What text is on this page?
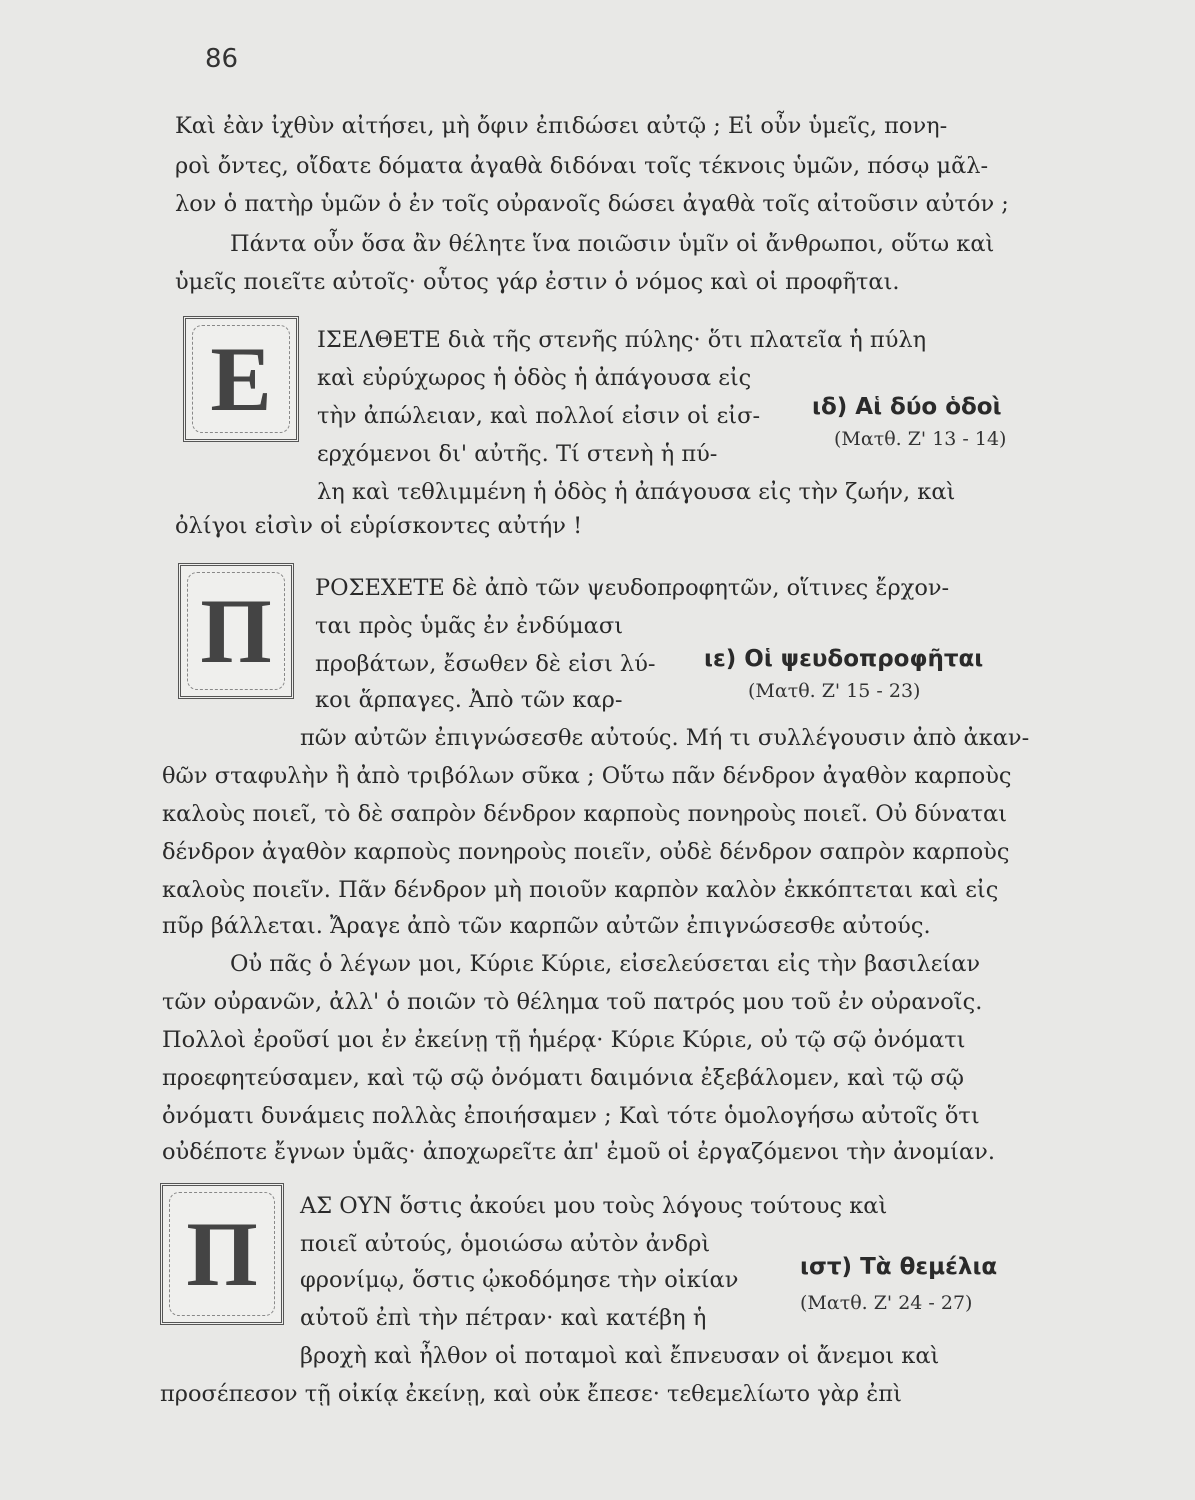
86
Καὶ ἐὰν ἰχθὺν αἰτήσει, μὴ ὄφιν ἐπιδώσει αὐτῷ ; Εἰ οὖν ὑμεῖς, πονη-
ροὶ ὄντες, οἴδατε δόματα ἀγαθὰ διδόναι τοῖς τέκνοις ὑμῶν, πόσῳ μᾶλ-
λον ὁ πατὴρ ὑμῶν ὁ ἐν τοῖς οὐρανοῖς δώσει ἀγαθὰ τοῖς αἰτοῦσιν αὐτόν ;
Πάντα οὖν ὅσα ἂν θέλητε ἵνα ποιῶσιν ὑμῖν οἱ ἄνθρωποι, οὕτω καὶ
ὑμεῖς ποιεῖτε αὐτοῖς· οὗτος γάρ ἐστιν ὁ νόμος καὶ οἱ προφῆται.
Ε ΙΣΕΛΘΕΤΕ διὰ τῆς στενῆς πύλης· ὅτι πλατεῖα ἡ πύλη
καὶ εὐρύχωρος ἡ ὁδὸς ἡ ἀπάγουσα εἰς
τὴν ἀπώλειαν, καὶ πολλοί εἰσιν οἱ εἰσ-
ερχόμενοι δι' αὐτῆς. Τί στενὴ ἡ πύ-
λη καὶ τεθλιμμένη ἡ ὁδὸς ἡ ἀπάγουσα εἰς τὴν ζωήν, καὶ
ὀλίγοι εἰσὶν οἱ εὑρίσκοντες αὐτήν !
ιδ) Αἱ δύο ὁδοὶ
(Ματθ. Ζ' 13 - 14)
Π ΡΟΣΕΧΕΤΕ δὲ ἀπὸ τῶν ψευδοπροφητῶν, οἵτινες ἔρχον-
ται πρὸς ὑμᾶς ἐν ἐνδύμασι
προβάτων, ἔσωθεν δὲ εἰσι λύ-
κοι ἅρπαγες. Ἀπὸ τῶν καρ-
πῶν αὐτῶν ἐπιγνώσεσθε αὐτούς. Μή τι συλλέγουσιν ἀπὸ ἀκαν-
θῶν σταφυλὴν ἢ ἀπὸ τριβόλων σῦκα ; Οὕτω πᾶν δένδρον ἀγαθὸν καρποὺς
καλοὺς ποιεῖ, τὸ δὲ σαπρὸν δένδρον καρποὺς πονηροὺς ποιεῖ. Οὐ δύναται
δένδρον ἀγαθὸν καρποὺς πονηροὺς ποιεῖν, οὐδὲ δένδρον σαπρὸν καρποὺς
καλοὺς ποιεῖν. Πᾶν δένδρον μὴ ποιοῦν καρπὸν καλὸν ἐκκόπτεται καὶ εἰς
πῦρ βάλλεται. Ἄραγε ἀπὸ τῶν καρπῶν αὐτῶν ἐπιγνώσεσθε αὐτούς.
Οὐ πᾶς ὁ λέγων μοι, Κύριε Κύριε, εἰσελεύσεται εἰς τὴν βασιλείαν
τῶν οὐρανῶν, ἀλλ' ὁ ποιῶν τὸ θέλημα τοῦ πατρός μου τοῦ ἐν οὐρανοῖς.
Πολλοὶ ἐροῦσί μοι ἐν ἐκείνῃ τῇ ἡμέρᾳ· Κύριε Κύριε, οὐ τῷ σῷ ὀνόματι
προεφητεύσαμεν, καὶ τῷ σῷ ὀνόματι δαιμόνια ἐξεβάλομεν, καὶ τῷ σῷ
ὀνόματι δυνάμεις πολλὰς ἐποιήσαμεν ; Καὶ τότε ὁμολογήσω αὐτοῖς ὅτι
οὐδέποτε ἔγνων ὑμᾶς· ἀποχωρεῖτε ἀπ' ἐμοῦ οἱ ἐργαζόμενοι τὴν ἀνομίαν.
ιε) Οἱ ψευδοπροφῆται
(Ματθ. Ζ' 15 - 23)
Π ΑΣ ΟΥΝ ὅστις ἀκούει μου τοὺς λόγους τούτους καὶ
ποιεῖ αὐτούς, ὁμοιώσω αὐτὸν ἀνδρὶ
φρονίμῳ, ὅστις ᾠκοδόμησε τὴν οἰκίαν
αὐτοῦ ἐπὶ τὴν πέτραν· καὶ κατέβη ἡ
βροχὴ καὶ ἦλθον οἱ ποταμοὶ καὶ ἔπνευσαν οἱ ἄνεμοι καὶ
προσέπεσον τῇ οἰκίᾳ ἐκείνῃ, καὶ οὐκ ἔπεσε· τεθεμελίωτο γὰρ ἐπὶ
ιστ) Τὰ θεμέλια
(Ματθ. Ζ' 24 - 27)
